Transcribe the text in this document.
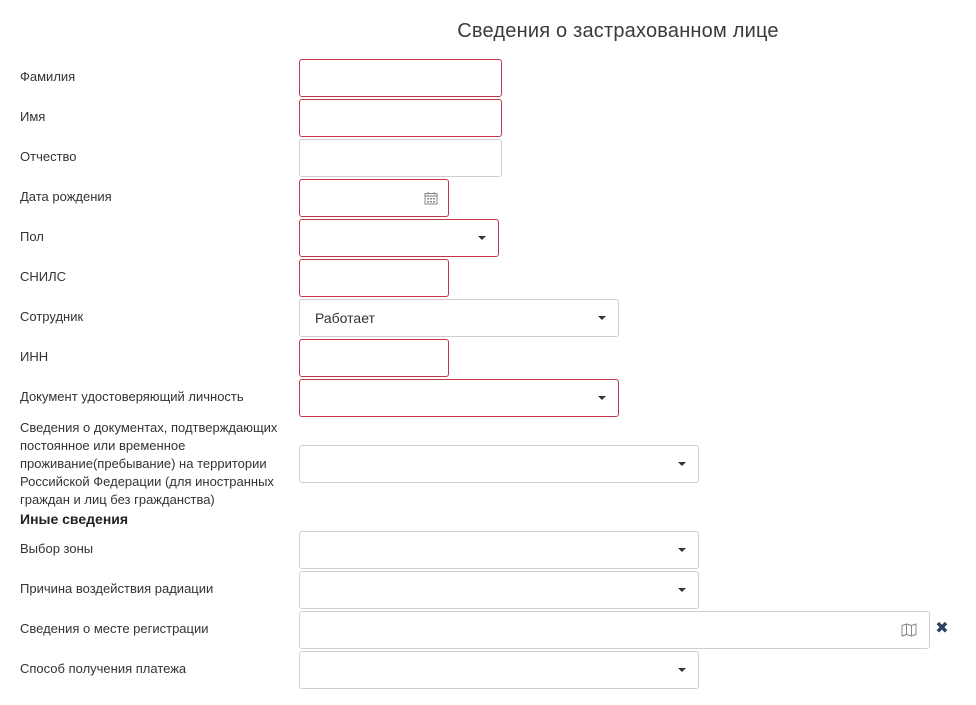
Сведения о застрахованном лице
Фамилия
Имя
Отчество
Дата рождения
Пол
СНИЛС
Сотрудник	Работает
ИНН
Документ удостоверяющий личность
Сведения о документах, подтверждающих
постоянное или временное
проживание(пребывание) на территории
Российской Федерации (для иностранных
граждан и лиц без гражданства)
Иные сведения
Выбор зоны
Причина воздействия радиации
Сведения о месте регистрации	✖
Способ получения платежа
